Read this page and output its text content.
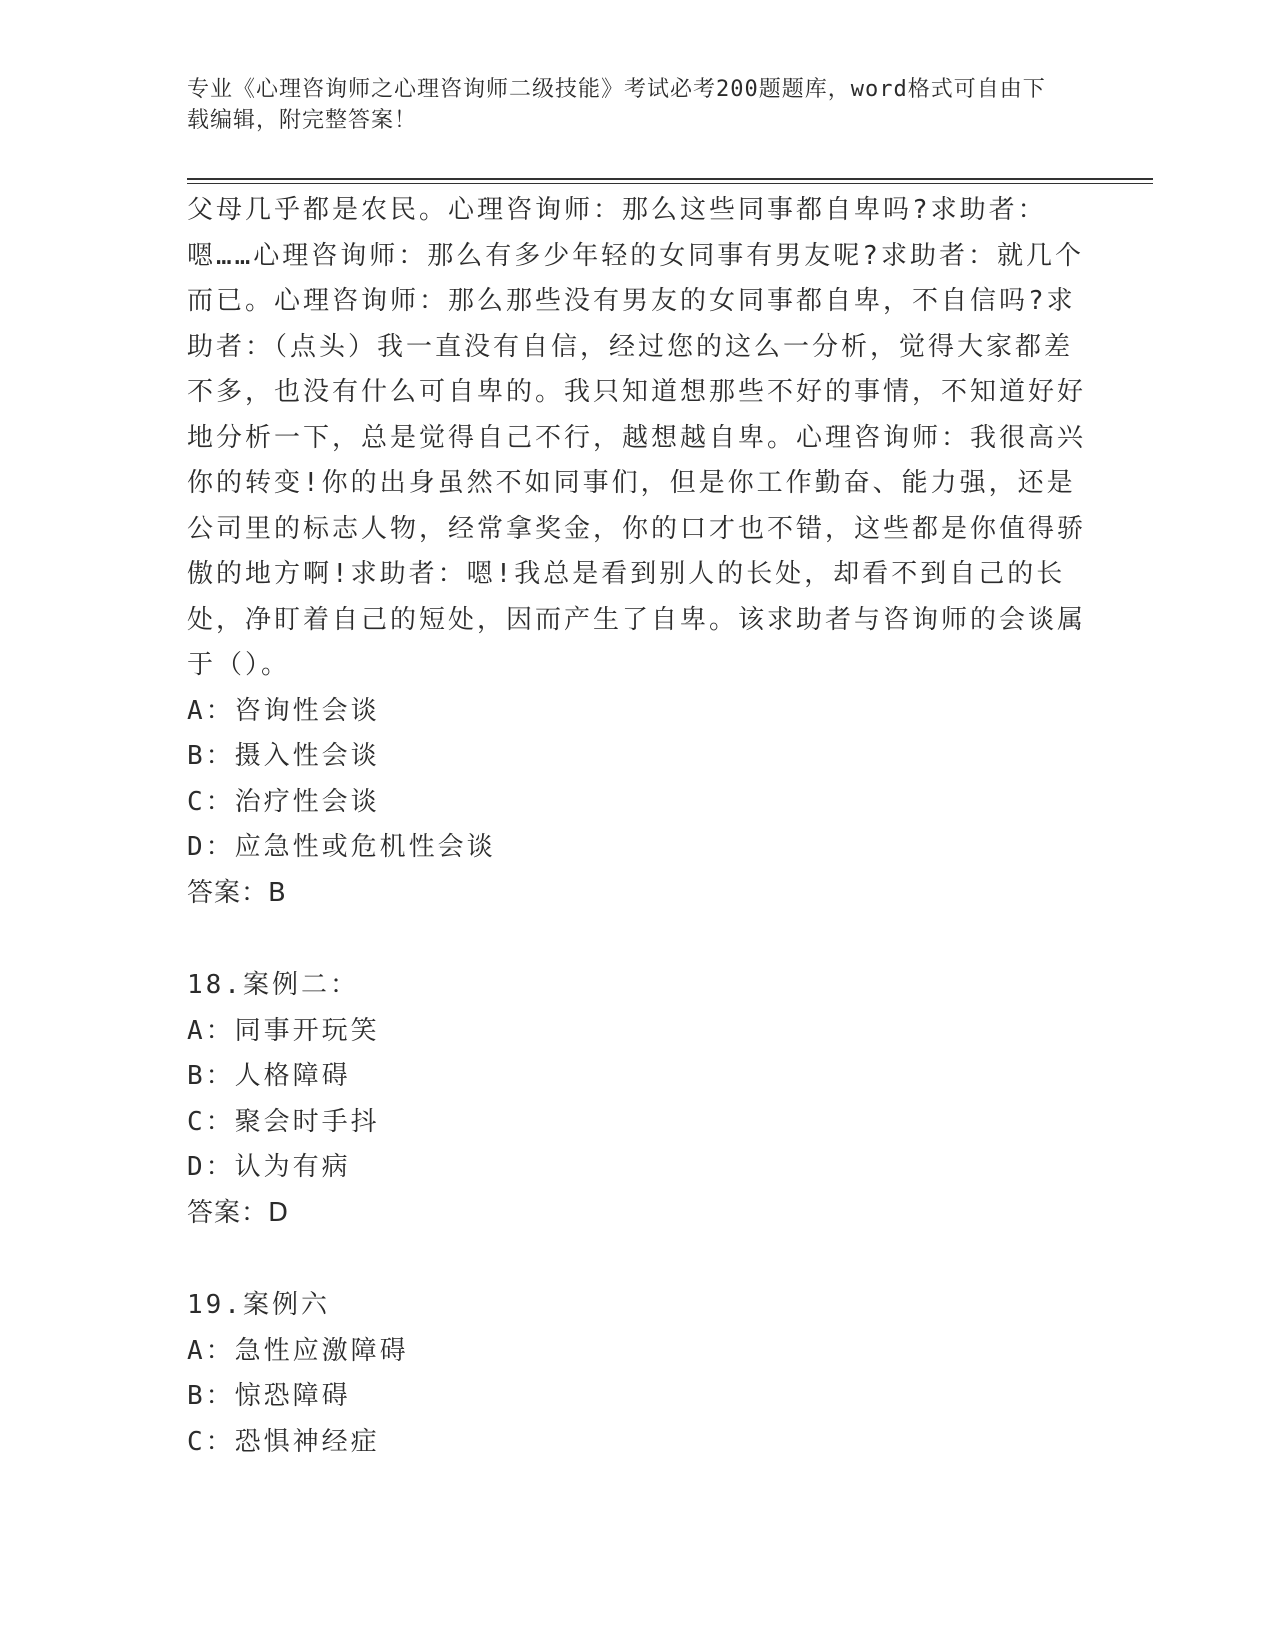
专业《心理咨询师之心理咨询师二级技能》考试必考200题题库，word格式可自由下载编辑，附完整答案！

父母几乎都是农民。心理咨询师：那么这些同事都自卑吗?求助者：嗯……心理咨询师：那么有多少年轻的女同事有男友呢?求助者：就几个而已。心理咨询师：那么那些没有男友的女同事都自卑，不自信吗?求助者：（点头）我一直没有自信，经过您的这么一分析，觉得大家都差不多，也没有什么可自卑的。我只知道想那些不好的事情，不知道好好地分析一下，总是觉得自己不行，越想越自卑。心理咨询师：我很高兴你的转变!你的出身虽然不如同事们，但是你工作勤奋、能力强，还是公司里的标志人物，经常拿奖金，你的口才也不错，这些都是你值得骄傲的地方啊!求助者：嗯!我总是看到别人的长处，却看不到自己的长处，净盯着自己的短处，因而产生了自卑。该求助者与咨询师的会谈属于（）。

A：咨询性会谈

B：摄入性会谈

C：治疗性会谈

D：应急性或危机性会谈

答案：B

18.案例二：

A：同事开玩笑

B：人格障碍

C：聚会时手抖

D：认为有病

答案：D

19.案例六

A：急性应激障碍

B：惊恐障碍

C：恐惧神经症
